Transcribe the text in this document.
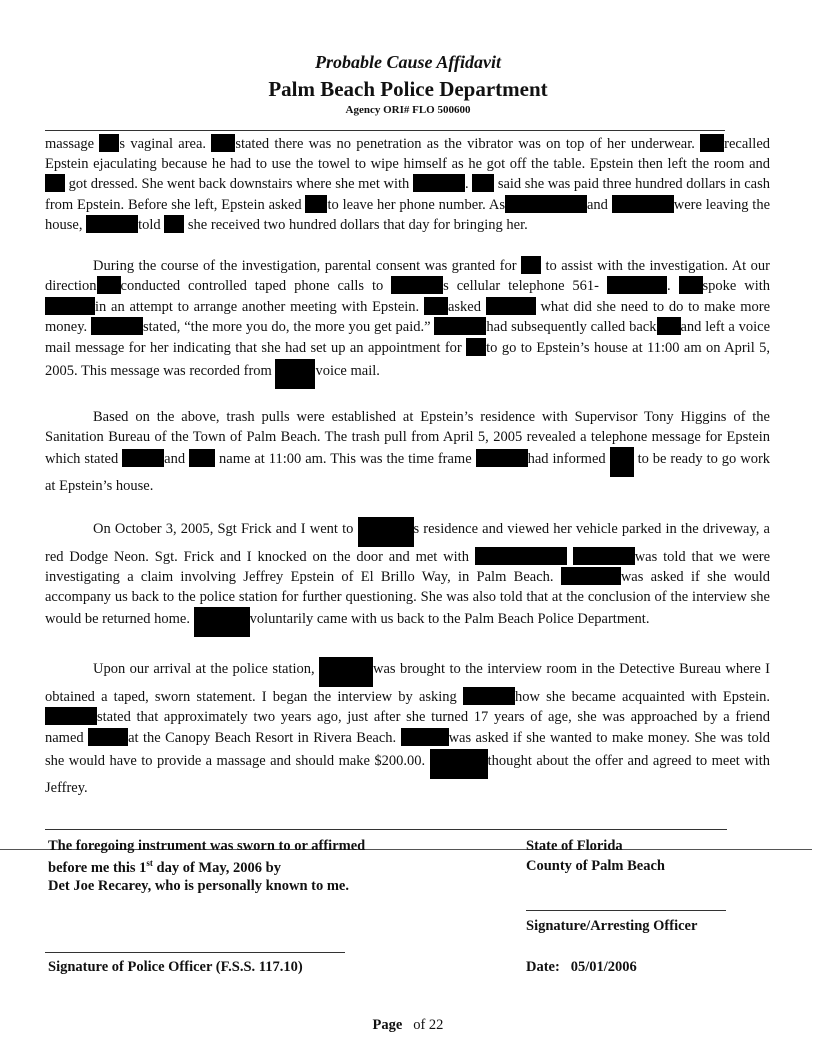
Probable Cause Affidavit
Palm Beach Police Department
Agency ORI# FLO 500600

massage s vaginal area. stated there was no penetration as the vibrator was on top of her underwear. recalled Epstein ejaculating because he had to use the towel to wipe himself as he got off the table. Epstein then left the room and  got dressed. She went back downstairs where she met with	. said she was paid three hundred dollars in cash from Epstein. Before she left, Epstein asked to leave her phone number. As	and	were leaving the house,	told she received two hundred dollars that day for bringing her.

During the course of the investigation, parental consent was granted for to assist with the investigation. At our direction conducted controlled taped phone calls to	s cellular telephone 561-	. spoke with in an attempt to arrange another meeting with Epstein. asked	what did she need to do to make more money.	stated, “the more you do, the more you get paid.”	had subsequently called back and left a voice mail message for her indicating that she had set up an appointment for to go to Epstein’s house at 11:00 am on April 5, 2005. This message was recorded from	voice mail.

Based on the above, trash pulls were established at Epstein’s residence with Supervisor Tony Higgins of the Sanitation Bureau of the Town of Palm Beach. The trash pull from April 5, 2005 revealed a telephone message for Epstein which stated	and name at 11:00 am. This was the time frame	had informed to be ready to go work at Epstein’s house.

On October 3, 2005, Sgt Frick and I went to	s residence and viewed her vehicle parked in the driveway, a red Dodge Neon. Sgt. Frick and I knocked on the door and met with	was told that we were investigating a claim involving Jeffrey Epstein of El Brillo Way, in Palm Beach.	was asked if she would accompany us back to the police station for further questioning. She was also told that at the conclusion of the interview she would be returned home.	voluntarily came with us back to the Palm Beach Police Department.

Upon our arrival at the police station,	was brought to the interview room in the Detective Bureau where I obtained a taped, sworn statement. I began the interview by asking	how she became acquainted with Epstein. stated that approximately two years ago, just after she turned 17 years of age, she was approached by a friend named	at the Canopy Beach Resort in Rivera Beach.	was asked if she wanted to make money. She was told she would have to provide a massage and should make $200.00.	thought about the offer and agreed to meet with Jeffrey.

The foregoing instrument was sworn to or affirmed
before me this 1st day of May, 2006 by
Det Joe Recarey, who is personally known to me.
State of Florida
County of Palm Beach
Signature/Arresting Officer
Signature of Police Officer (F.S.S. 117.10)	Date: 05/01/2006
Page of 22
